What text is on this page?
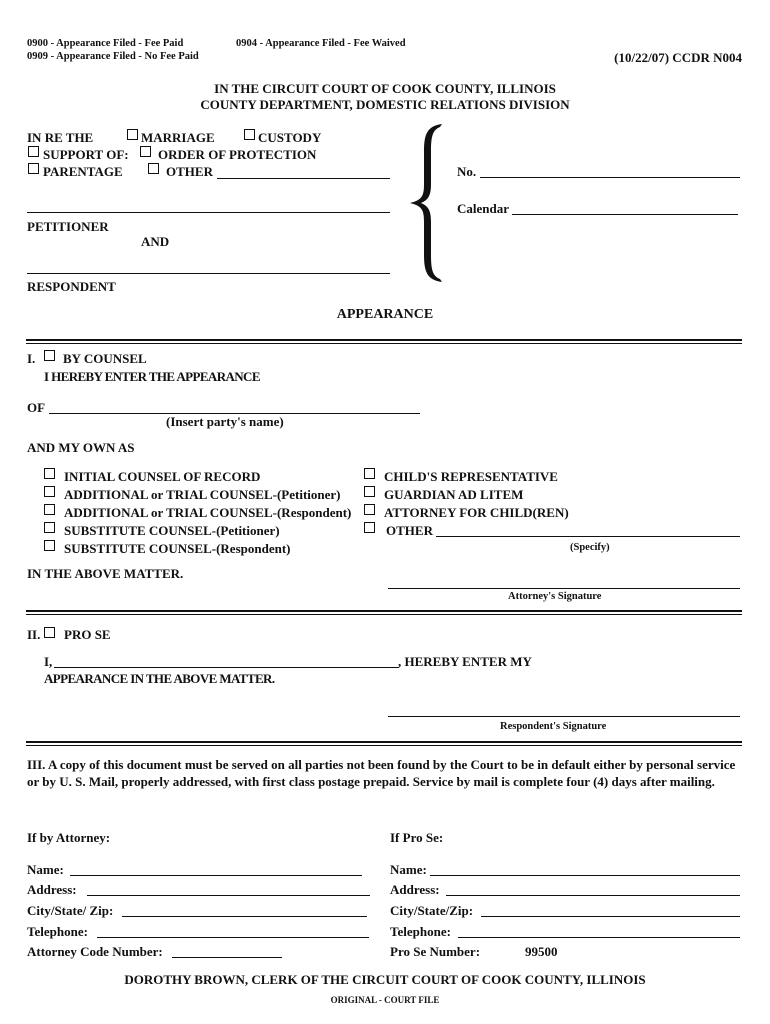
0900 - Appearance Filed - Fee Paid
0909 - Appearance Filed - No Fee Paid
0904 - Appearance Filed - Fee Waived
(10/22/07) CCDR N004
IN THE CIRCUIT COURT OF COOK COUNTY, ILLINOIS
COUNTY DEPARTMENT, DOMESTIC RELATIONS DIVISION
IN RE THE	MARRIAGE	CUSTODY
SUPPORT OF: ORDER OF PROTECTION
PARENTAGE	OTHER
PETITIONER
AND
RESPONDENT
No.
Calendar
APPEARANCE
I. BY COUNSEL
I HEREBY ENTER THE APPEARANCE
OF
(Insert party's name)
AND MY OWN AS
INITIAL COUNSEL OF RECORD
ADDITIONAL or TRIAL COUNSEL-(Petitioner)
ADDITIONAL or TRIAL COUNSEL-(Respondent)
SUBSTITUTE COUNSEL-(Petitioner)
SUBSTITUTE COUNSEL-(Respondent)
CHILD'S REPRESENTATIVE
GUARDIAN AD LITEM
ATTORNEY FOR CHILD(REN)
OTHER
(Specify)
IN THE ABOVE MATTER.
Attorney's Signature
II. PRO SE
I,	, HEREBY ENTER MY
APPEARANCE IN THE ABOVE MATTER.
Respondent's Signature
III. A copy of this document must be served on all parties not been found by the Court to be in default either by personal service or by U. S. Mail, properly addressed, with first class postage prepaid. Service by mail is complete four (4) days after mailing.
If by Attorney:
Name:
Address:
City/State/ Zip:
Telephone:
Attorney Code Number:
If Pro Se:
Name:
Address:
City/State/Zip:
Telephone:
Pro Se Number:	99500
DOROTHY BROWN, CLERK OF THE CIRCUIT COURT OF COOK COUNTY, ILLINOIS
ORIGINAL - COURT FILE
